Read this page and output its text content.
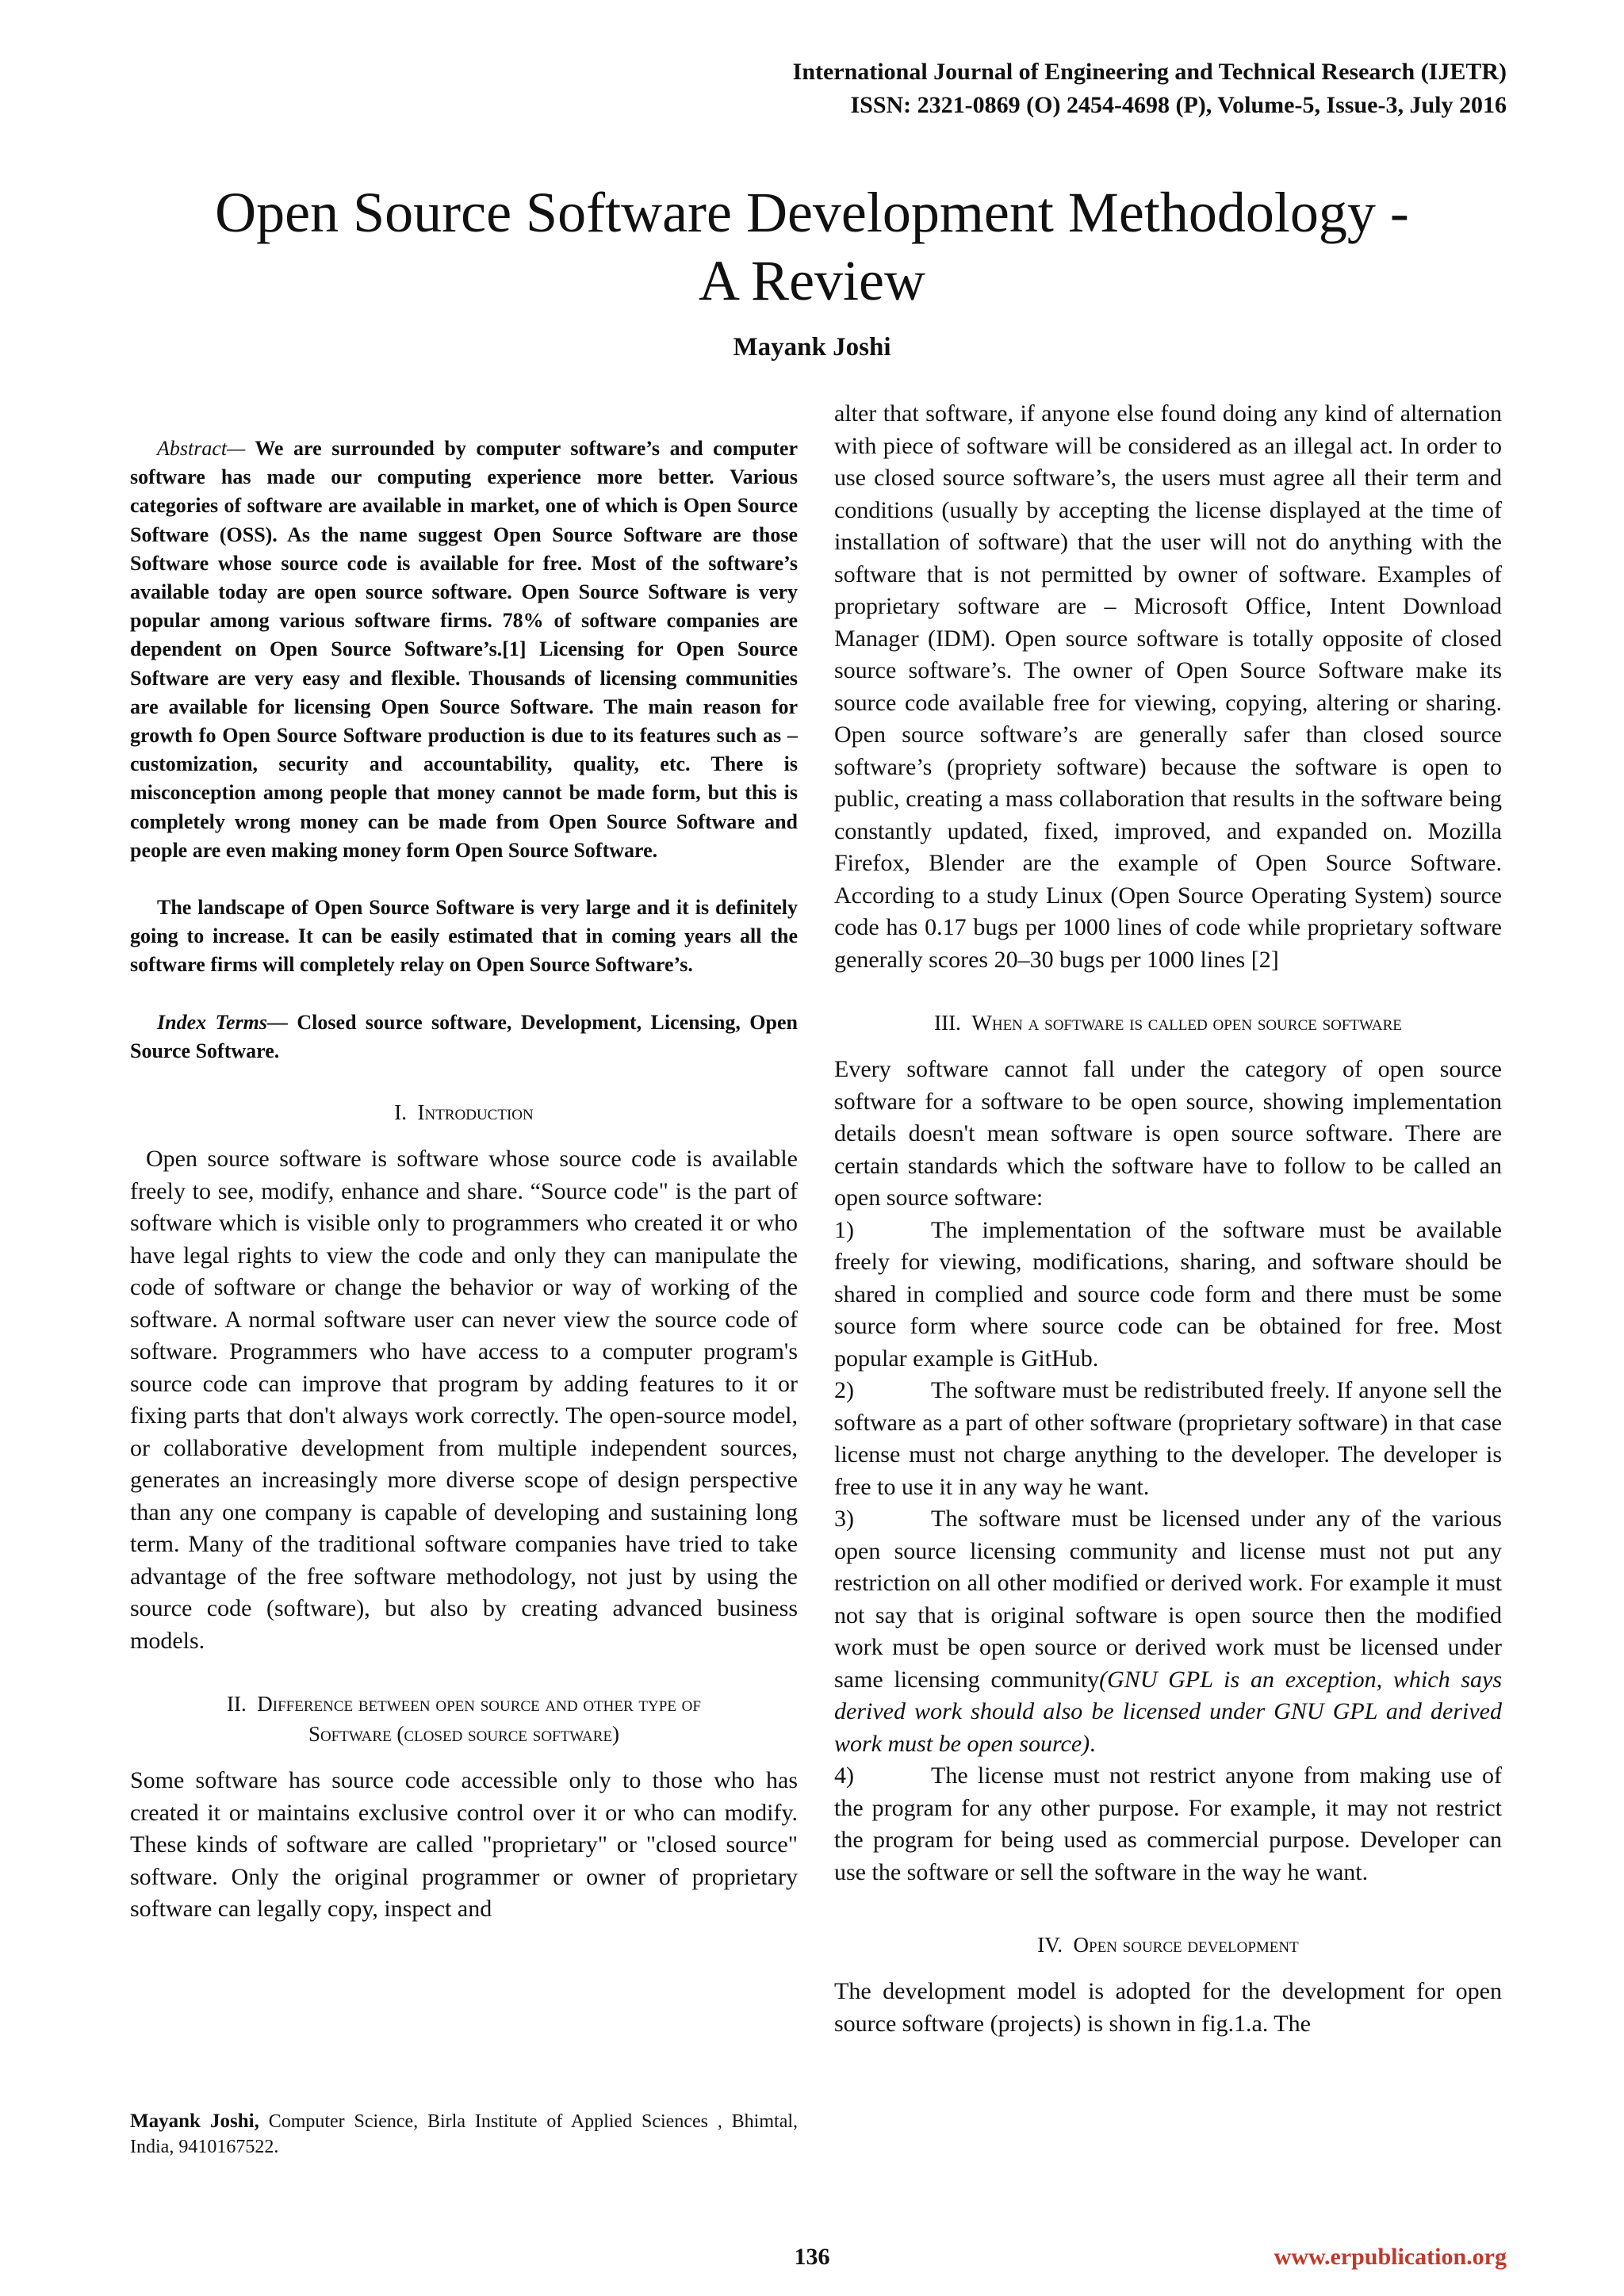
International Journal of Engineering and Technical Research (IJETR)
ISSN: 2321-0869 (O) 2454-4698 (P), Volume-5, Issue-3, July 2016
Open Source Software Development Methodology -
A Review
Mayank Joshi

Abstract— We are surrounded by computer software’s and computer software has made our computing experience more better. Various categories of software are available in market, one of which is Open Source Software (OSS). As the name suggest Open Source Software are those Software whose source code is available for free. Most of the software’s available today are open source software. Open Source Software is very popular among various software firms. 78% of software companies are dependent on Open Source Software’s.[1] Licensing for Open Source Software are very easy and flexible. Thousands of licensing communities are available for licensing Open Source Software. The main reason for growth fo Open Source Software production is due to its features such as – customization, security and accountability, quality, etc. There is misconception among people that money cannot be made form, but this is completely wrong money can be made from Open Source Software and people are even making money form Open Source Software.

The landscape of Open Source Software is very large and it is definitely going to increase. It can be easily estimated that in coming years all the software firms will completely relay on Open Source Software’s.

Index Terms— Closed source software, Development, Licensing, Open Source Software.

I. Introduction

Open source software is software whose source code is available freely to see, modify, enhance and share. “Source code" is the part of software which is visible only to programmers who created it or who have legal rights to view the code and only they can manipulate the code of software or change the behavior or way of working of the software. A normal software user can never view the source code of software. Programmers who have access to a computer program's source code can improve that program by adding features to it or fixing parts that don't always work correctly. The open-source model, or collaborative development from multiple independent sources, generates an increasingly more diverse scope of design perspective than any one company is capable of developing and sustaining long term. Many of the traditional software companies have tried to take advantage of the free software methodology, not just by using the source code (software), but also by creating advanced business models.

II. Difference between open source and other type of
Software (closed source software)

Some software has source code accessible only to those who has created it or maintains exclusive control over it or who can modify. These kinds of software are called "proprietary" or "closed source" software. Only the original programmer or owner of proprietary software can legally copy, inspect and

alter that software, if anyone else found doing any kind of alternation with piece of software will be considered as an illegal act. In order to use closed source software’s, the users must agree all their term and conditions (usually by accepting the license displayed at the time of installation of software) that the user will not do anything with the software that is not permitted by owner of software. Examples of proprietary software are – Microsoft Office, Intent Download Manager (IDM). Open source software is totally opposite of closed source software’s. The owner of Open Source Software make its source code available free for viewing, copying, altering or sharing. Open source software’s are generally safer than closed source software’s (propriety software) because the software is open to public, creating a mass collaboration that results in the software being constantly updated, fixed, improved, and expanded on. Mozilla Firefox, Blender are the example of Open Source Software. According to a study Linux (Open Source Operating System) source code has 0.17 bugs per 1000 lines of code while proprietary software generally scores 20–30 bugs per 1000 lines [2]

III. When a software is called open source software

Every software cannot fall under the category of open source software for a software to be open source, showing implementation details doesn't mean software is open source software. There are certain standards which the software have to follow to be called an open source software:

1)	The implementation of the software must be available freely for viewing, modifications, sharing, and software should be shared in complied and source code form and there must be some source form where source code can be obtained for free. Most popular example is GitHub.

2)	The software must be redistributed freely. If anyone sell the software as a part of other software (proprietary software) in that case license must not charge anything to the developer. The developer is free to use it in any way he want.

3)	The software must be licensed under any of the various open source licensing community and license must not put any restriction on all other modified or derived work. For example it must not say that is original software is open source then the modified work must be open source or derived work must be licensed under same licensing community(GNU GPL is an exception, which says derived work should also be licensed under GNU GPL and derived work must be open source).

4)	The license must not restrict anyone from making use of the program for any other purpose. For example, it may not restrict the program for being used as commercial purpose. Developer can use the software or sell the software in the way he want.

IV. Open source development

The development model is adopted for the development for open source software (projects) is shown in fig.1.a. The

Mayank Joshi, Computer Science, Birla Institute of Applied Sciences , Bhimtal, India, 9410167522.
136	www.erpublication.org
